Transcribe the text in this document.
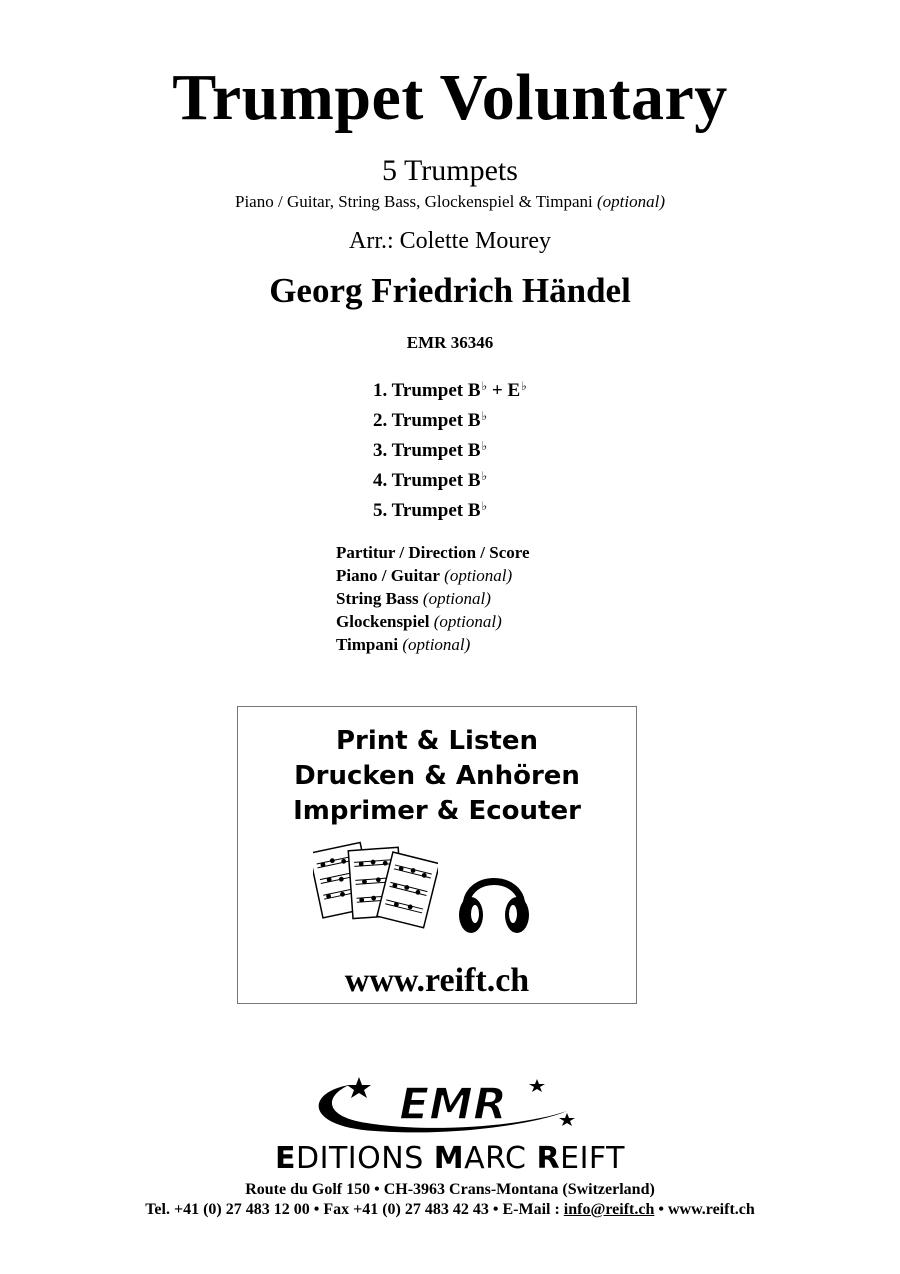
Trumpet Voluntary
5 Trumpets
Piano / Guitar, String Bass, Glockenspiel & Timpani (optional)
Arr.: Colette Mourey
Georg Friedrich Händel
EMR 36346
1. Trumpet B♭ + E♭
2. Trumpet B♭
3. Trumpet B♭
4. Trumpet B♭
5. Trumpet B♭
Partitur / Direction / Score
Piano / Guitar (optional)
String Bass (optional)
Glockenspiel (optional)
Timpani (optional)
Print & Listen
Drucken & Anhören
Imprimer & Ecouter
www.reift.ch
EMR
EDITIONS MARC REIFT
Route du Golf 150 • CH-3963 Crans-Montana (Switzerland)
Tel. +41 (0) 27 483 12 00 • Fax +41 (0) 27 483 42 43 • E-Mail : info@reift.ch • www.reift.ch
